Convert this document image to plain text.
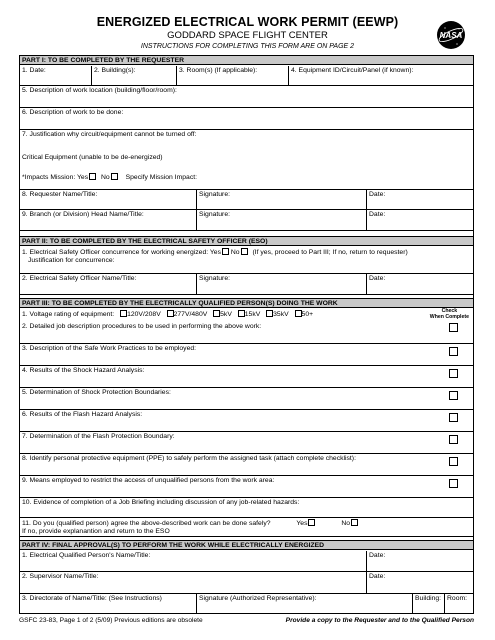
ENERGIZED ELECTRICAL WORK PERMIT (EEWP)
GODDARD SPACE FLIGHT CENTER
INSTRUCTIONS FOR COMPLETING THIS FORM ARE ON PAGE 2
NASA
PART I: TO BE COMPLETED BY THE REQUESTER
1. Date:	2. Building(s):	3. Room(s) (If applicable):	4. Equipment ID/Circuit/Panel (if known):
5. Description of work location (building/floor/room):
6. Description of work to be done:
7. Justification why circuit/equipment cannot be turned off:
Critical Equipment (unable to be de-energized)
*Impacts Mission: Yes No Specify Mission Impact:
8. Requester Name/Title:	Signature:	Date:
9. Branch (or Division) Head Name/Title:	Signature:	Date:
PART II: TO BE COMPLETED BY THE ELECTRICAL SAFETY OFFICER (ESO)
1. Electrical Safety Officer concurrence for working energized: Yes No (If yes, proceed to Part III; If no, return to requester)
Justification for concurrence:
2. Electrical Safety Officer Name/Title:	Signature:	Date:
PART III: TO BE COMPLETED BY THE ELECTRICALLY QUALIFIED PERSON(S) DOING THE WORK
1. Voltage rating of equipment: 120V/208V 277V/480V 5kV 15kV 35kV 50+
2. Detailed job description procedures to be used in performing the above work:
Check
When Complete
3. Description of the Safe Work Practices to be employed:
4. Results of the Shock Hazard Analysis:
5. Determination of Shock Protection Boundaries:
6. Results of the Flash Hazard Analysis:
7. Determination of the Flash Protection Boundary:
8. Identify personal protective equipment (PPE) to safely perform the assigned task (attach complete checklist):
9. Means employed to restrict the access of unqualified persons from the work area:
10. Evidence of completion of a Job Briefing including discussion of any job-related hazards:
11. Do you (qualified person) agree the above-described work can be done safely?	Yes	No
If no, provide explanantion and return to the ESO
PART IV: FINAL APPROVAL(S) TO PERFORM THE WORK WHILE ELECTRICALLY ENERGIZED
1. Electrical Qualified Person's Name/Title:	Date:
2. Supervisor Name/Title:	Date:
3. Directorate of Name/Title: (See Instructions)	Signature (Authorized Representative):	Building: Room:
GSFC 23-83, Page 1 of 2 (5/09) Previous editions are obsolete	Provide a copy to the Requester and to the Qualified Person
